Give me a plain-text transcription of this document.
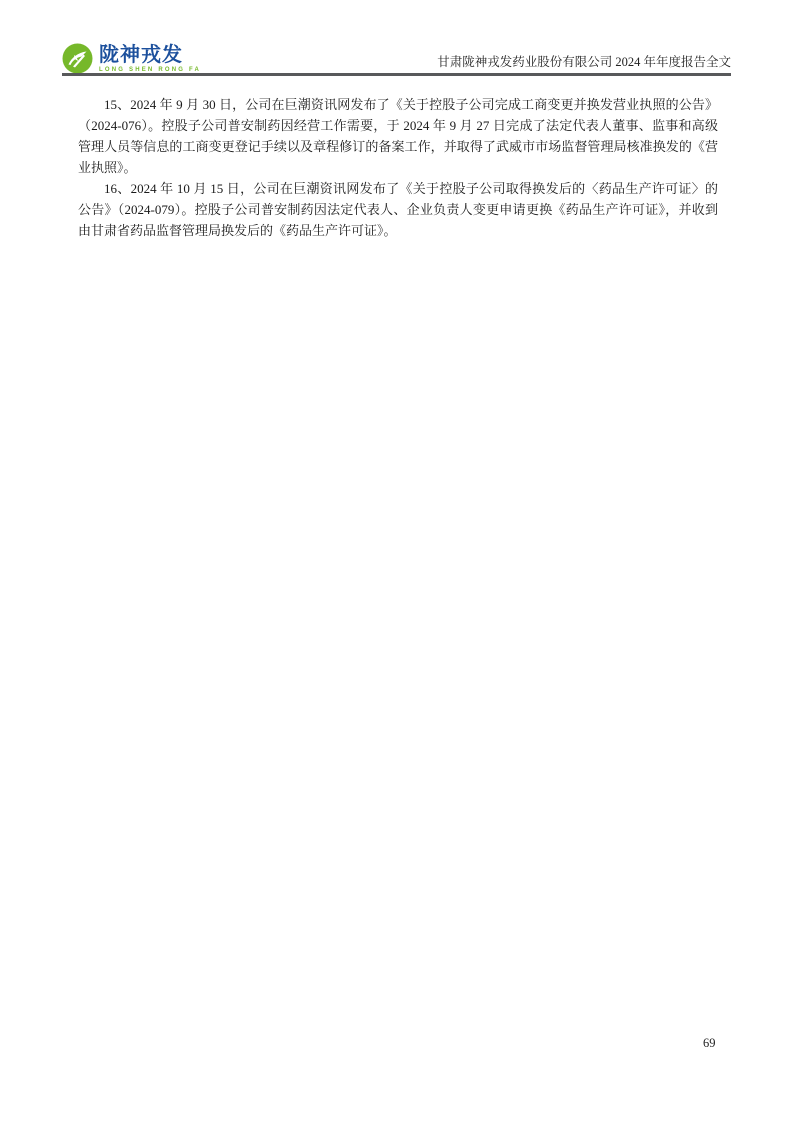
陇神戎发
LONG SHEN RONG FA
甘肃陇神戎发药业股份有限公司 2024 年年度报告全文

15、2024 年 9 月 30 日，公司在巨潮资讯网发布了《关于控股子公司完成工商变更并换发营业执照的公告》（2024-076）。控股子公司普安制药因经营工作需要，于 2024 年 9 月 27 日完成了法定代表人董事、监事和高级管理人员等信息的工商变更登记手续以及章程修订的备案工作，并取得了武威市市场监督管理局核准换发的《营业执照》。

16、2024 年 10 月 15 日，公司在巨潮资讯网发布了《关于控股子公司取得换发后的〈药品生产许可证〉的公告》（2024-079）。控股子公司普安制药因法定代表人、企业负责人变更申请更换《药品生产许可证》，并收到由甘肃省药品监督管理局换发后的《药品生产许可证》。

69
